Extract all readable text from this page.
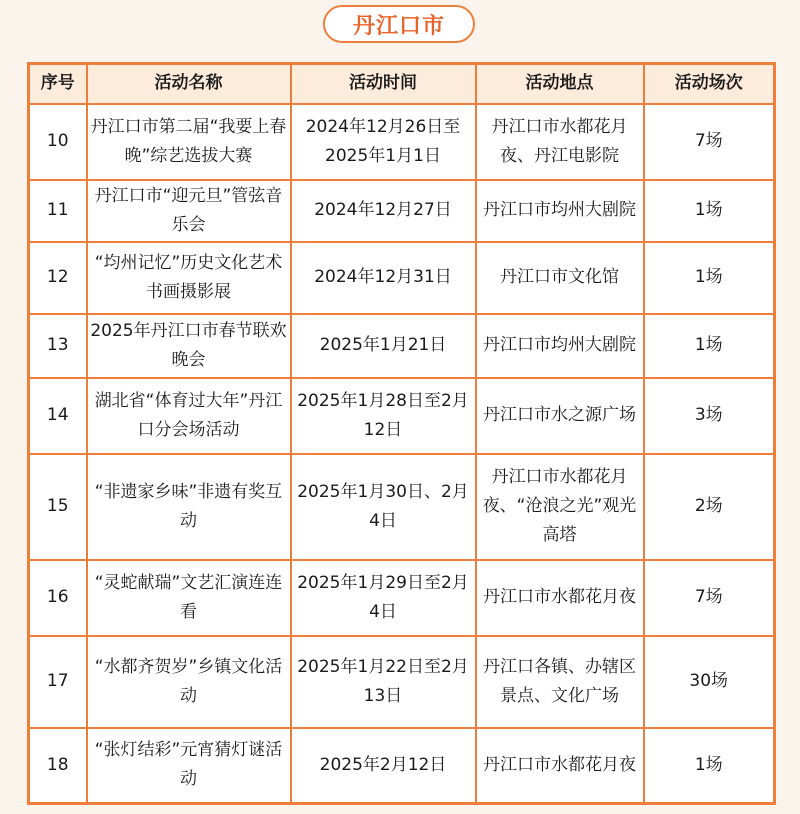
丹江口市
序号	活动名称	活动时间	活动地点	活动场次
10	丹江口市第二届“我要上春晚”综艺选拔大赛	2024年12月26日至2025年1月1日	丹江口市水都花月夜、丹江电影院	7场
11	丹江口市“迎元旦”管弦音乐会	2024年12月27日	丹江口市均州大剧院	1场
12	“均州记忆”历史文化艺术书画摄影展	2024年12月31日	丹江口市文化馆	1场
13	2025年丹江口市春节联欢晚会	2025年1月21日	丹江口市均州大剧院	1场
14	湖北省“体育过大年”丹江口分会场活动	2025年1月28日至2月12日	丹江口市水之源广场	3场
15	“非遗家乡味”非遗有奖互动	2025年1月30日、2月4日	丹江口市水都花月夜、“沧浪之光”观光高塔	2场
16	“灵蛇献瑞”文艺汇演连连看	2025年1月29日至2月4日	丹江口市水都花月夜	7场
17	“水都齐贺岁”乡镇文化活动	2025年1月22日至2月13日	丹江口各镇、办辖区景点、文化广场	30场
18	“张灯结彩”元宵猜灯谜活动	2025年2月12日	丹江口市水都花月夜	1场
